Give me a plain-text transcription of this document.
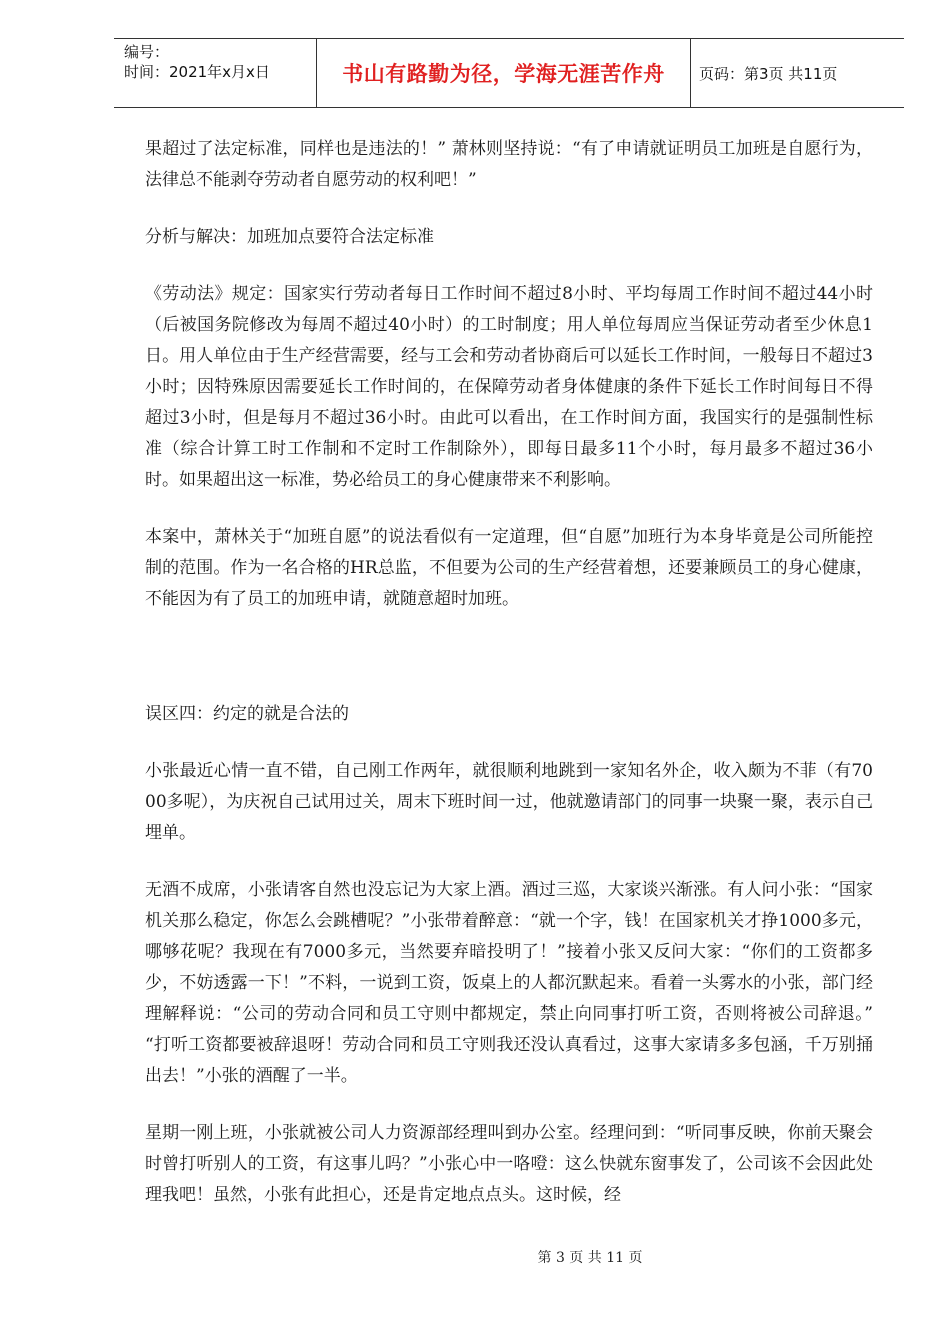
编号：
时间：2021年x月x日	书山有路勤为径，学海无涯苦作舟	页码：第3页 共11页

果超过了法定标准，同样也是违法的！” 萧林则坚持说：“有了申请就证明员工加班是自愿行为，法律总不能剥夺劳动者自愿劳动的权利吧！”

分析与解决：加班加点要符合法定标准

《劳动法》规定：国家实行劳动者每日工作时间不超过8小时、平均每周工作时间不超过44小时（后被国务院修改为每周不超过40小时）的工时制度；用人单位每周应当保证劳动者至少休息1日。用人单位由于生产经营需要，经与工会和劳动者协商后可以延长工作时间，一般每日不超过3小时；因特殊原因需要延长工作时间的，在保障劳动者身体健康的条件下延长工作时间每日不得超过3小时，但是每月不超过36小时。由此可以看出，在工作时间方面，我国实行的是强制性标准（综合计算工时工作制和不定时工作制除外），即每日最多11个小时，每月最多不超过36小时。如果超出这一标准，势必给员工的身心健康带来不利影响。

本案中，萧林关于“加班自愿”的说法看似有一定道理，但“自愿”加班行为本身毕竟是公司所能控制的范围。作为一名合格的HR总监，不但要为公司的生产经营着想，还要兼顾员工的身心健康，不能因为有了员工的加班申请，就随意超时加班。

误区四：约定的就是合法的

小张最近心情一直不错，自己刚工作两年，就很顺利地跳到一家知名外企，收入颇为不菲（有7000多呢），为庆祝自己试用过关，周末下班时间一过，他就邀请部门的同事一块聚一聚，表示自己埋单。

无酒不成席，小张请客自然也没忘记为大家上酒。酒过三巡，大家谈兴渐涨。有人问小张：“国家机关那么稳定，你怎么会跳槽呢？”小张带着醉意：“就一个字，钱！在国家机关才挣1000多元，哪够花呢？我现在有7000多元，当然要弃暗投明了！”接着小张又反问大家：“你们的工资都多少，不妨透露一下！”不料，一说到工资，饭桌上的人都沉默起来。看着一头雾水的小张，部门经理解释说：“公司的劳动合同和员工守则中都规定，禁止向同事打听工资，否则将被公司辞退。” “打听工资都要被辞退呀！劳动合同和员工守则我还没认真看过，这事大家请多多包涵，千万别捅出去！”小张的酒醒了一半。

星期一刚上班，小张就被公司人力资源部经理叫到办公室。经理问到：“听同事反映，你前天聚会时曾打听别人的工资，有这事儿吗？”小张心中一咯噔：这么快就东窗事发了，公司该不会因此处理我吧！虽然，小张有此担心，还是肯定地点点头。这时候，经

第 3 页 共 11 页
